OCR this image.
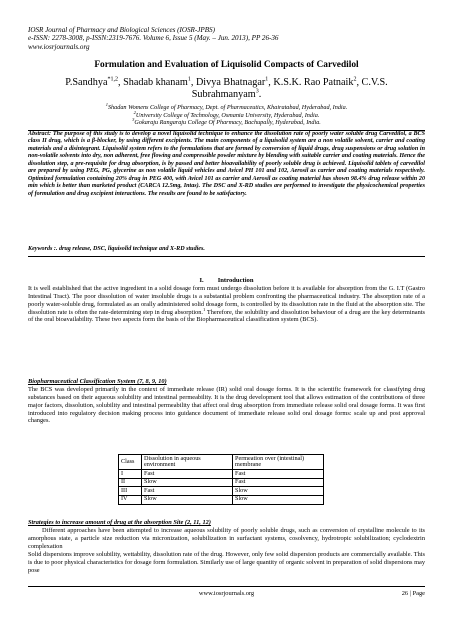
IOSR Journal of Pharmacy and Biological Sciences (IOSR-JPBS)
e-ISSN: 2278-3008, p-ISSN:2319-7676. Volume 6, Issue 5 (May. – Jun. 2013), PP 26-36
www.iosrjournals.org
Formulation and Evaluation of Liquisolid Compacts of Carvedilol
P.Sandhya$^{*1,2}$, Shadab khanam$^1$, Divya Bhatnagar$^1$, K.S.K. Rao Patnaik$^2$, C.V.S.
Subrahmanyam$^3$.
$^1$Shadan Womens College of Pharmacy, Dept. of Pharmaceutics, Khairatabad, Hyderabad, India.
$^2$University College of Technology, Osmania University, Hyderabad, India.
$^3$Gokaraju Rangaraju College Of Pharmacy, Bachupally, Hyderabad, India.
Abstract: The purpose of this study is to develop a novel liquisolid technique to enhance the dissolution rate of poorly water soluble drug Carvedilol, a BCS class II drug, which is a β-blocker, by using different excipients. The main components of a liquisolid system are a non volatile solvent, carrier and coating materials and a disintegrant. Liquisolid system refers to the formulations that are formed by conversion of liquid drugs, drug suspensions or drug solution in non-volatile solvents into dry, non adherent, free flowing and compressible powder mixture by blending with suitable carrier and coating materials. Hence the dissolution step, a pre-requisite for drug absorption, is by passed and better bioavailability of poorly soluble drug is achieved. Liquisolid tablets of carvedilol are prepared by using PEG, PG, glycerine as non volatile liquid vehicles and Avicel PH 101 and 102, Aerosil as carrier and coating materials respectively. Optimized formulation containing 20% drug in PEG 400, with Avicel 101 as carrier and Aerosil as coating material has shown 98.4% drug release within 20 min which is better than marketed product (CARCA 12.5mg, Intas). The DSC and X-RD studies are performed to investigate the physicochemical properties of formulation and drug excipient interactions. The results are found to be satisfactory.
Keywords :. drug release, DSC, liquisolid technique and X-RD studies.
I. Introduction
It is well established that the active ingredient in a solid dosage form must undergo dissolution before it is available for absorption from the G. I.T (Gastro Intestinal Tract). The poor dissolution of water insoluble drugs is a substantial problem confronting the pharmaceutical industry. The absorption rate of a poorly water-soluble drug, formulated as an orally administered solid dosage form, is controlled by its dissolution rate in the fluid at the absorption site. The dissolution rate is often the rate-determining step in drug absorption.$^1$ Therefore, the solubility and dissolution behaviour of a drug are the key determinants of the oral bioavailability. These two aspects form the basis of the Biopharmaceutical classification system (BCS).
Biopharmaceutical Classification System (7, 8, 9, 10)
The BCS was developed primarily in the context of immediate release (IR) solid oral dosage forms. It is the scientific framework for classifying drug substances based on their aqueous solubility and intestinal permeability. It is the drug development tool that allows estimation of the contributions of three major factors, dissolution, solubility and intestinal permeability that affect oral drug absorption from immediate release solid oral dosage forms. It was first introduced into regulatory decision making process into guidance document of immediate release solid oral dosage forms: scale up and post approval changes.
Class	Dissolution in aqueous environment	Permeation over (intestinal) membrane
I	Fast	Fast
II	Slow	Fast
III	Fast	Slow
IV	Slow	Slow
Strategies to increase amount of drug at the absorption Site (2, 11, 12)
Different approaches have been attempted to increase aqueous solubility of poorly soluble drugs, such as conversion of crystalline molecule to its amorphous state, a particle size reduction via micronization, solubilization in surfactant systems, cosolvency, hydrotropic solubilization; cyclodextrin complexation
Solid dispersions improve solubility, wettability, dissolution rate of the drug. However, only few solid dispersion products are commercially available. This is due to poor physical characteristics for dosage form formulation. Similarly use of large quantity of organic solvent in preparation of solid dispersions may pose
www.iosrjournals.org	26 | Page
